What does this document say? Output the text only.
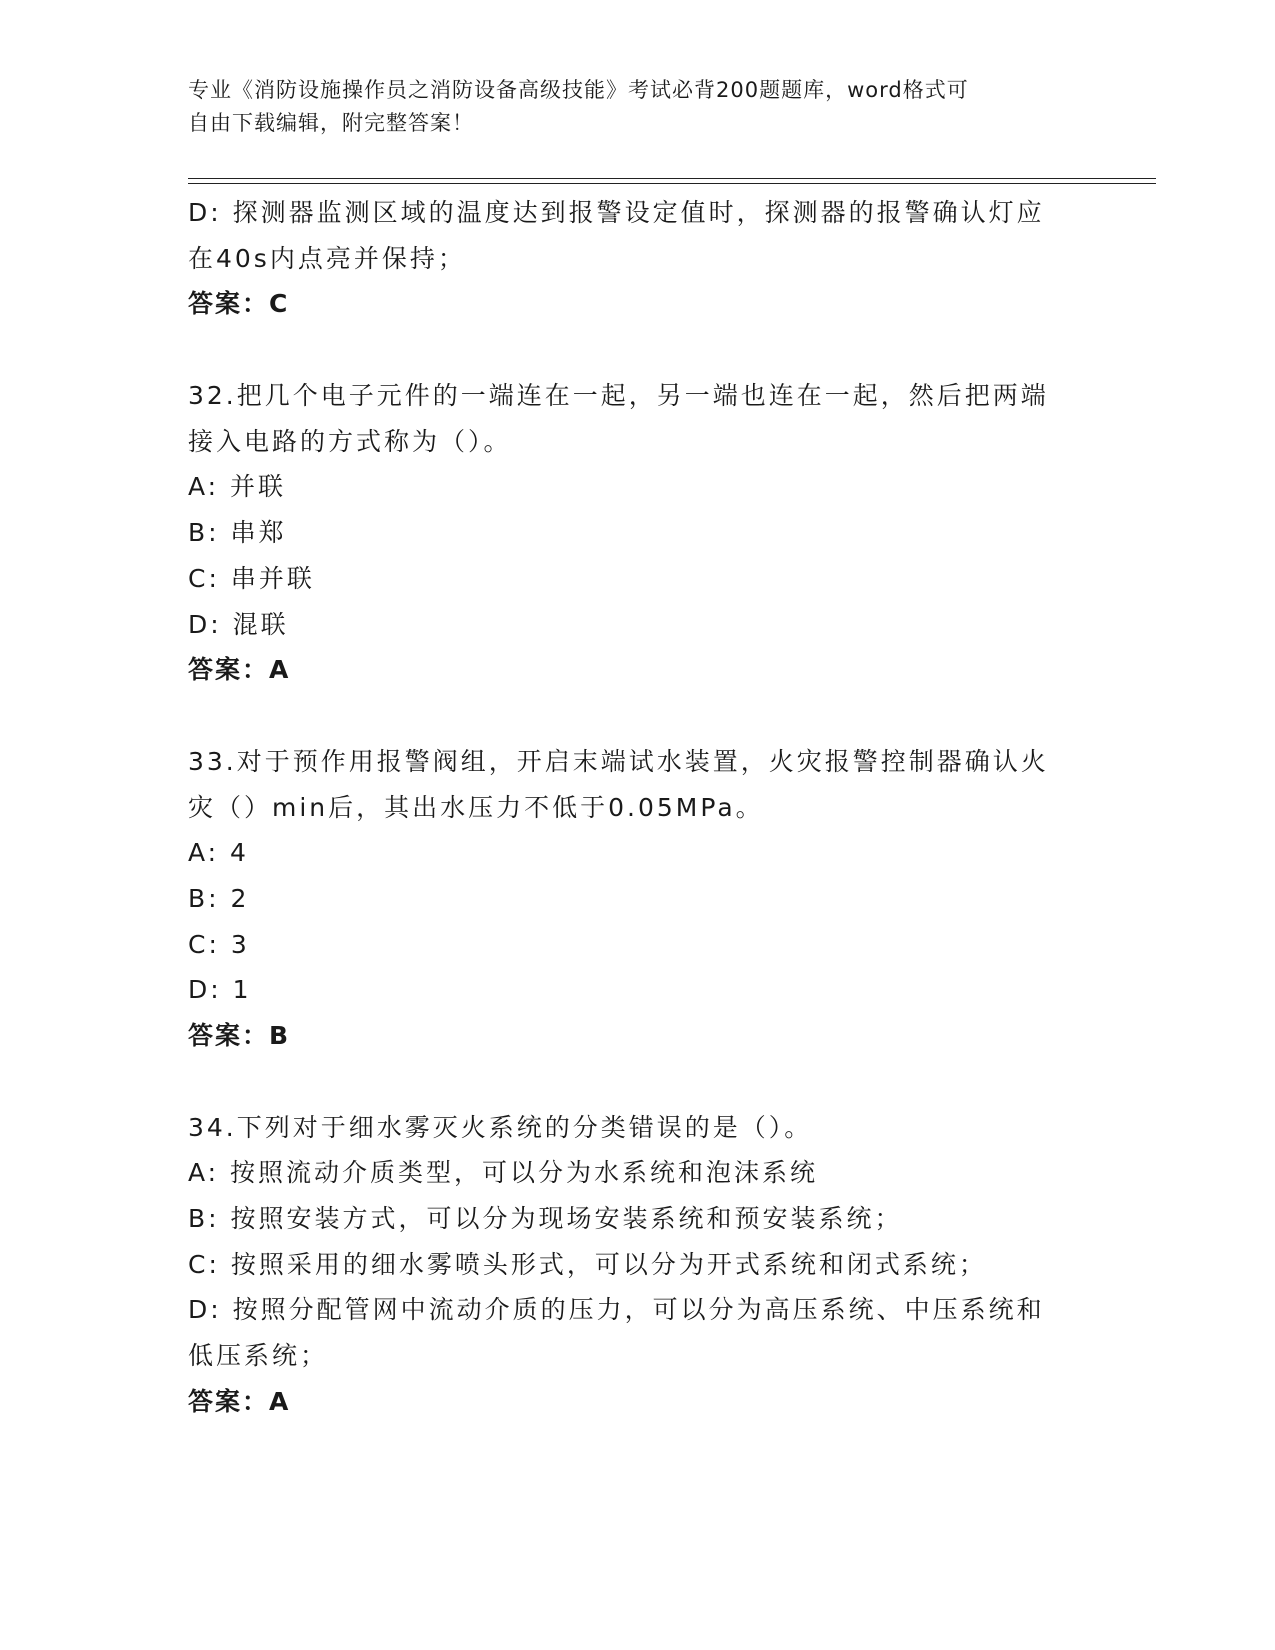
专业《消防设施操作员之消防设备高级技能》考试必背200题题库，word格式可
自由下载编辑，附完整答案！
D: 探测器监测区域的温度达到报警设定值时，探测器的报警确认灯应
在40s内点亮并保持；
答案：C
32.把几个电子元件的一端连在一起，另一端也连在一起，然后把两端
接入电路的方式称为（）。
A: 并联
B: 串郑
C: 串并联
D: 混联
答案：A
33.对于预作用报警阀组，开启末端试水装置，火灾报警控制器确认火
灾（）min后，其出水压力不低于0.05MPa。
A: 4
B: 2
C: 3
D: 1
答案：B
34.下列对于细水雾灭火系统的分类错误的是（）。
A: 按照流动介质类型，可以分为水系统和泡沫系统
B: 按照安装方式，可以分为现场安装系统和预安装系统；
C: 按照采用的细水雾喷头形式，可以分为开式系统和闭式系统；
D: 按照分配管网中流动介质的压力，可以分为高压系统、中压系统和
低压系统；
答案：A
